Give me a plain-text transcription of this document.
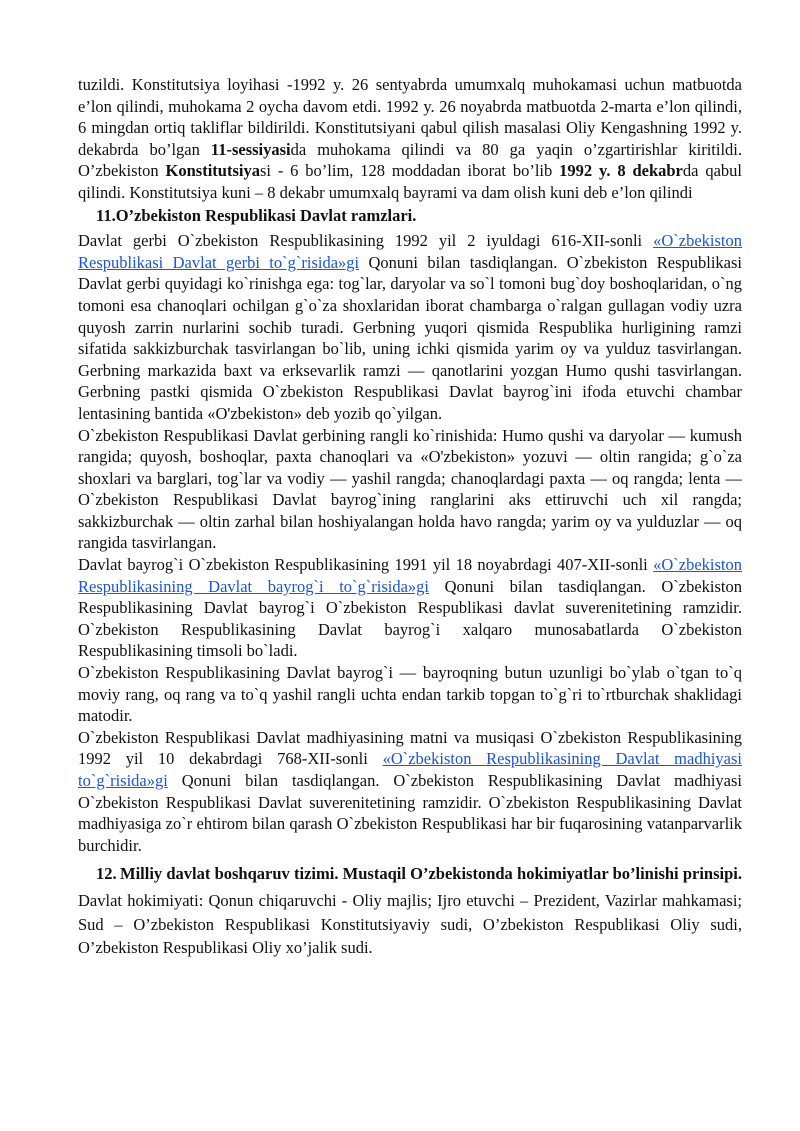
tuzildi. Konstitutsiya loyihasi -1992 y. 26 sentyabrda umumxalq muhokamasi uchun matbuotda e’lon qilindi, muhokama 2 oycha davom etdi. 1992 y. 26 noyabrda matbuotda 2-marta e’lon qilindi, 6 mingdan ortiq takliflar bildirildi. Konstitutsiyani qabul qilish masalasi Oliy Kengashning 1992 y. dekabrda bo’lgan 11-sessiyasida muhokama qilindi va 80 ga yaqin o’zgartirishlar kiritildi. O’zbekiston Konstitutsiyasi - 6 bo’lim, 128 moddadan iborat bo’lib 1992 y. 8 dekabrda qabul qilindi. Konstitutsiya kuni – 8 dekabr umumxalq bayrami va dam olish kuni deb e’lon qilindi

11.O’zbekiston Respublikasi Davlat ramzlari.

Davlat gerbi O`zbekiston Respublikasining 1992 yil 2 iyuldagi 616-XII-sonli «O`zbekiston Respublikasi Davlat gerbi to`g`risida»gi Qonuni bilan tasdiqlangan. O`zbekiston Respublikasi Davlat gerbi quyidagi ko`rinishga ega: tog`lar, daryolar va so`l tomoni bug`doy boshoqlaridan, o`ng tomoni esa chanoqlari ochilgan g`o`za shoxlaridan iborat chambarga o`ralgan gullagan vodiy uzra quyosh zarrin nurlarini sochib turadi. Gerbning yuqori qismida Respublika hurligining ramzi sifatida sakkizburchak tasvirlangan bo`lib, uning ichki qismida yarim oy va yulduz tasvirlangan. Gerbning markazida baxt va erksevarlik ramzi — qanotlarini yozgan Humo qushi tasvirlangan. Gerbning pastki qismida O`zbekiston Respublikasi Davlat bayrog`ini ifoda etuvchi chambar lentasining bantida «O'zbekiston» deb yozib qo`yilgan.

O`zbekiston Respublikasi Davlat gerbining rangli ko`rinishida: Humo qushi va daryolar — kumush rangida; quyosh, boshoqlar, paxta chanoqlari va «O'zbekiston» yozuvi — oltin rangida; g`o`za shoxlari va barglari, tog`lar va vodiy — yashil rangda; chanoqlardagi paxta — oq rangda; lenta — O`zbekiston Respublikasi Davlat bayrog`ining ranglarini aks ettiruvchi uch xil rangda; sakkizburchak — oltin zarhal bilan hoshiyalangan holda havo rangda; yarim oy va yulduzlar — oq rangida tasvirlangan.

Davlat bayrog`i O`zbekiston Respublikasining 1991 yil 18 noyabrdagi 407-XII-sonli «O`zbekiston Respublikasining Davlat bayrog`i to`g`risida»gi Qonuni bilan tasdiqlangan. O`zbekiston Respublikasining Davlat bayrog`i O`zbekiston Respublikasi davlat suverenitetining ramzidir. O`zbekiston Respublikasining Davlat bayrog`i xalqaro munosabatlarda O`zbekiston Respublikasining timsoli bo`ladi.

O`zbekiston Respublikasining Davlat bayrog`i — bayroqning butun uzunligi bo`ylab o`tgan to`q moviy rang, oq rang va to`q yashil rangli uchta endan tarkib topgan to`g`ri to`rtburchak shaklidagi matodir.

O`zbekiston Respublikasi Davlat madhiyasining matni va musiqasi O`zbekiston Respublikasining 1992 yil 10 dekabrdagi 768-XII-sonli «O`zbekiston Respublikasining Davlat madhiyasi to`g`risida»gi Qonuni bilan tasdiqlangan. O`zbekiston Respublikasining Davlat madhiyasi O`zbekiston Respublikasi Davlat suverenitetining ramzidir. O`zbekiston Respublikasining Davlat madhiyasiga zo`r ehtirom bilan qarash O`zbekiston Respublikasi har bir fuqarosining vatanparvarlik burchidir.

12. Milliy davlat boshqaruv tizimi. Mustaqil O’zbekistonda hokimiyatlar bo’linishi prinsipi.

Davlat hokimiyati: Qonun chiqaruvchi - Oliy majlis; Ijro etuvchi – Prezident, Vazirlar mahkamasi; Sud – O’zbekiston Respublikasi Konstitutsiyaviy sudi, O’zbekiston Respublikasi Oliy sudi, O’zbekiston Respublikasi Oliy xo’jalik sudi.
